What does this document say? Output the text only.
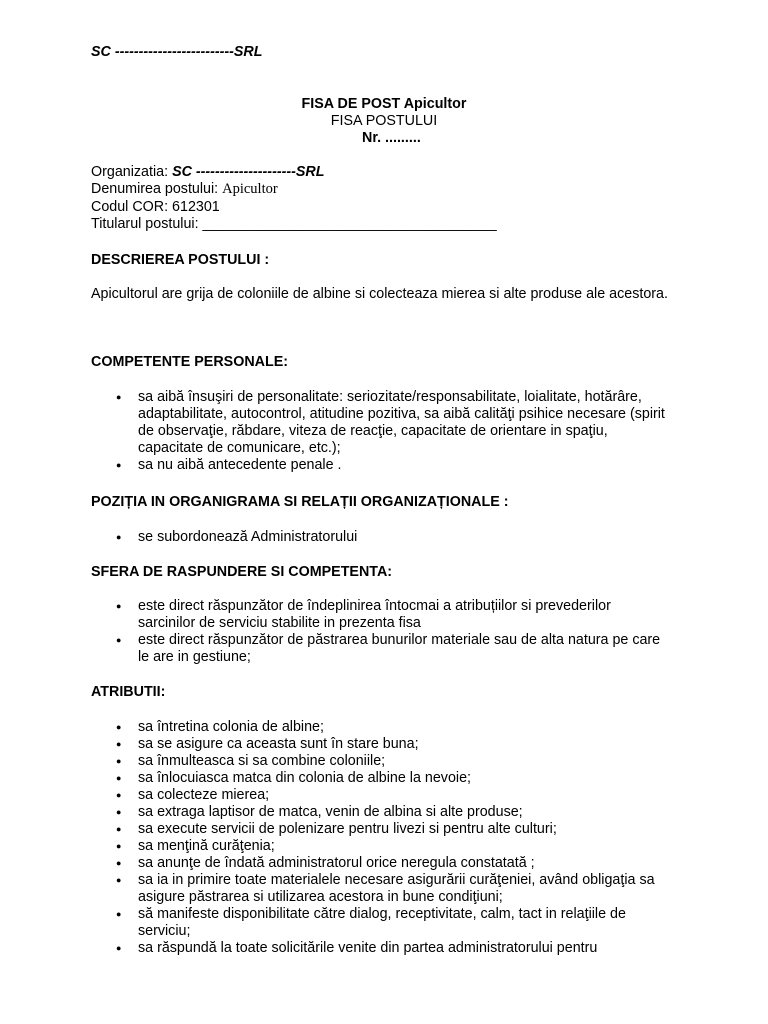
SC -------------------------SRL
FISA DE POST Apicultor
FISA POSTULUI
Nr. .........
Organizatia: SC ---------------------SRL
Denumirea postului: Apicultor
Codul COR: 612301
Titularul postului: _____________________________________
DESCRIEREA POSTULUI :
Apicultorul are grija de coloniile de albine si colecteaza mierea si alte produse ale acestora.
COMPETENTE PERSONALE:
● sa aibă însuşiri de personalitate: seriozitate/responsabilitate, loialitate, hotărâre, adaptabilitate, autocontrol, atitudine pozitiva, sa aibă calităţi psihice necesare (spirit de observaţie, răbdare, viteza de reacţie, capacitate de orientare in spaţiu, capacitate de comunicare, etc.);
● sa nu aibă antecedente penale .
POZIȚIA IN ORGANIGRAMA SI RELAȚII ORGANIZAȚIONALE :
● se subordonează Administratorului
SFERA DE RASPUNDERE SI COMPETENTA:
● este direct răspunzător de îndeplinirea întocmai a atribuțiilor si prevederilor sarcinilor de serviciu stabilite in prezenta fisa
● este direct răspunzător de păstrarea bunurilor materiale sau de alta natura pe care le are in gestiune;
ATRIBUTII:
● sa întretina colonia de albine;
● sa se asigure ca aceasta sunt în stare buna;
● sa înmulteasca si sa combine coloniile;
● sa înlocuiasca matca din colonia de albine la nevoie;
● sa colecteze mierea;
● sa extraga laptisor de matca, venin de albina si alte produse;
● sa execute servicii de polenizare pentru livezi si pentru alte culturi;
● sa menţină curăţenia;
● sa anunţe de îndată administratorul orice neregula constatată ;
● sa ia in primire toate materialele necesare asigurării curăţeniei, având obligaţia sa asigure păstrarea si utilizarea acestora in bune condiţiuni;
● să manifeste disponibilitate către dialog, receptivitate, calm, tact in relaţiile de serviciu;
● sa răspundă la toate solicitările venite din partea administratorului pentru
